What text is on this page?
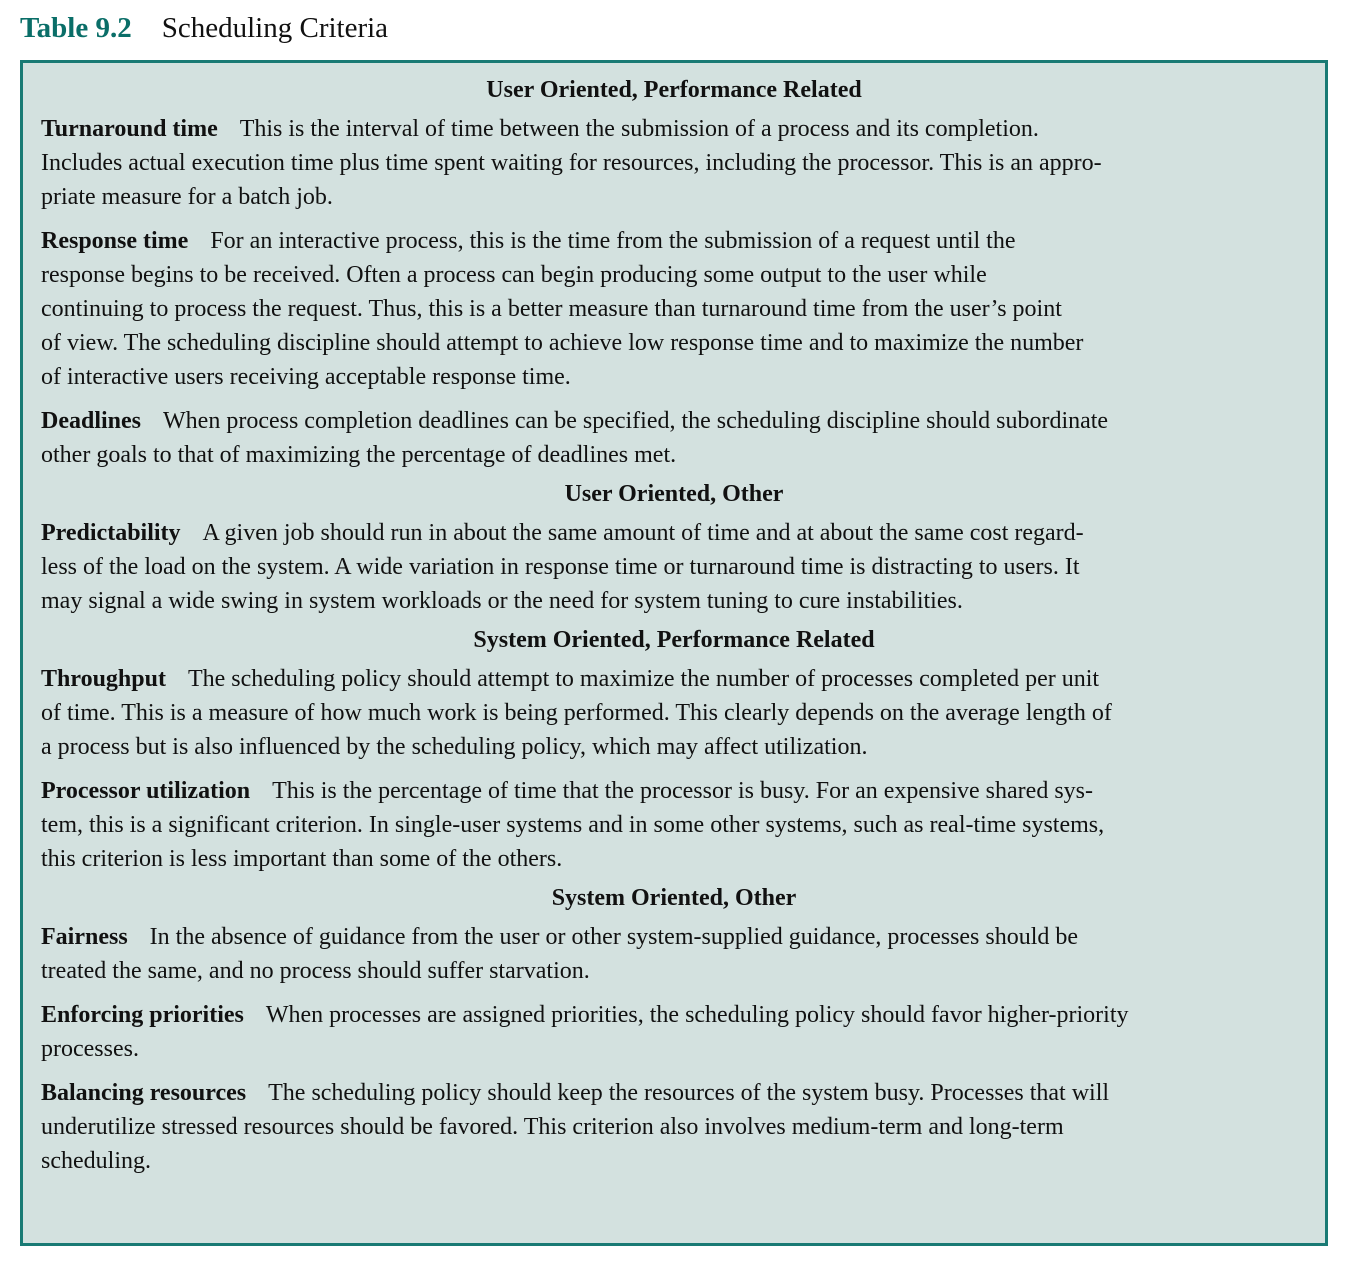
Table 9.2 Scheduling Criteria
User Oriented, Performance Related
Turnaround time This is the interval of time between the submission of a process and its completion.
Includes actual execution time plus time spent waiting for resources, including the processor. This is an appro-
priate measure for a batch job.
Response time For an interactive process, this is the time from the submission of a request until the
response begins to be received. Often a process can begin producing some output to the user while
continuing to process the request. Thus, this is a better measure than turnaround time from the user’s point
of view. The scheduling discipline should attempt to achieve low response time and to maximize the number
of interactive users receiving acceptable response time.
Deadlines When process completion deadlines can be specified, the scheduling discipline should subordinate
other goals to that of maximizing the percentage of deadlines met.
User Oriented, Other
Predictability A given job should run in about the same amount of time and at about the same cost regard-
less of the load on the system. A wide variation in response time or turnaround time is distracting to users. It
may signal a wide swing in system workloads or the need for system tuning to cure instabilities.
System Oriented, Performance Related
Throughput The scheduling policy should attempt to maximize the number of processes completed per unit
of time. This is a measure of how much work is being performed. This clearly depends on the average length of
a process but is also influenced by the scheduling policy, which may affect utilization.
Processor utilization This is the percentage of time that the processor is busy. For an expensive shared sys-
tem, this is a significant criterion. In single-user systems and in some other systems, such as real-time systems,
this criterion is less important than some of the others.
System Oriented, Other
Fairness In the absence of guidance from the user or other system-supplied guidance, processes should be
treated the same, and no process should suffer starvation.
Enforcing priorities When processes are assigned priorities, the scheduling policy should favor higher-priority
processes.
Balancing resources The scheduling policy should keep the resources of the system busy. Processes that will
underutilize stressed resources should be favored. This criterion also involves medium-term and long-term
scheduling.
